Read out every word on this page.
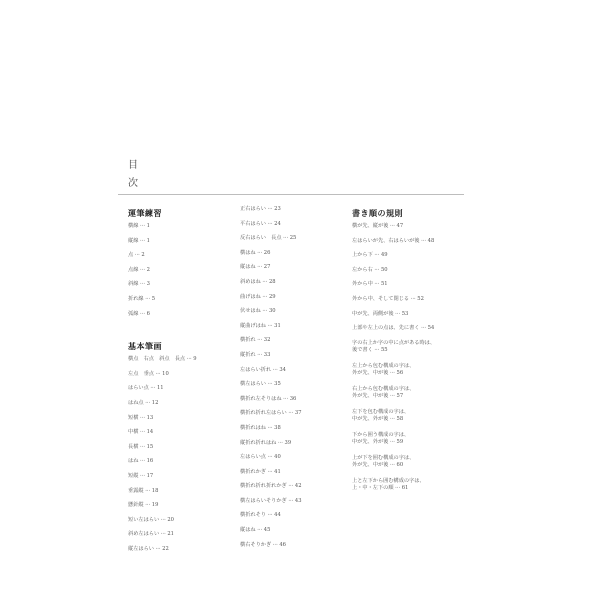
目
次
運筆練習
横線 ··· 1
縦線 ··· 1
点 ··· 2
点線 ··· 2
斜線 ··· 3
折れ線 ··· 5
弧線 ··· 6
基本筆画
横点　右点　斜点　長点 ··· 9
左点　垂点 ··· 10
はらい点 ··· 11
はね点 ··· 12
短横 ··· 13
中横 ··· 14
長横 ··· 15
はね ··· 16
短縦 ··· 17
垂露縦 ··· 18
懸針縦 ··· 19
短い左はらい ··· 20
斜め左はらい ··· 21
縦左はらい ··· 22
正右はらい ··· 23
平右はらい ··· 24
反右はらい　長点 ··· 25
横はね ··· 26
縦はね ··· 27
斜めはね ··· 28
曲げはね ··· 29
伏せはね ··· 30
縦曲げはね ··· 31
横折れ ··· 32
縦折れ ··· 33
左はらい折れ ··· 34
横左はらい ··· 35
横折れ左そりはね ··· 36
横折れ折れ左はらい ··· 37
横折れはね ··· 38
縦折れ折れはね ··· 39
左はらい点 ··· 40
横折れかぎ ··· 41
横折れ折れ折れかぎ ··· 42
横左はらいそりかぎ ··· 43
横折れそり ··· 44
縦はね ··· 45
横右そりかぎ ··· 46
書き順の規則
横が先、縦が後 ··· 47
左はらいが先、右はらいが後 ··· 48
上から下 ··· 49
左から右 ··· 50
外から中 ··· 51
外から中、そして閉じる ··· 52
中が先、両側が後 ··· 53
上部や左上の点は、先に書く ··· 54
字の右上か字の中に点がある時は、
後で書く ··· 55
左上から包む構成の字は、
外が先、中が後 ··· 56
右上から包む構成の字は、
外が先、中が後 ··· 57
左下を包む構成の字は、
中が先、外が後 ··· 58
下から囲う構成の字は、
中が先、外が後 ··· 59
上が下を囲む構成の字は、
外が先、中が後 ··· 60
上と左下から囲む構成の字は、
上・中・左下の順 ··· 61
